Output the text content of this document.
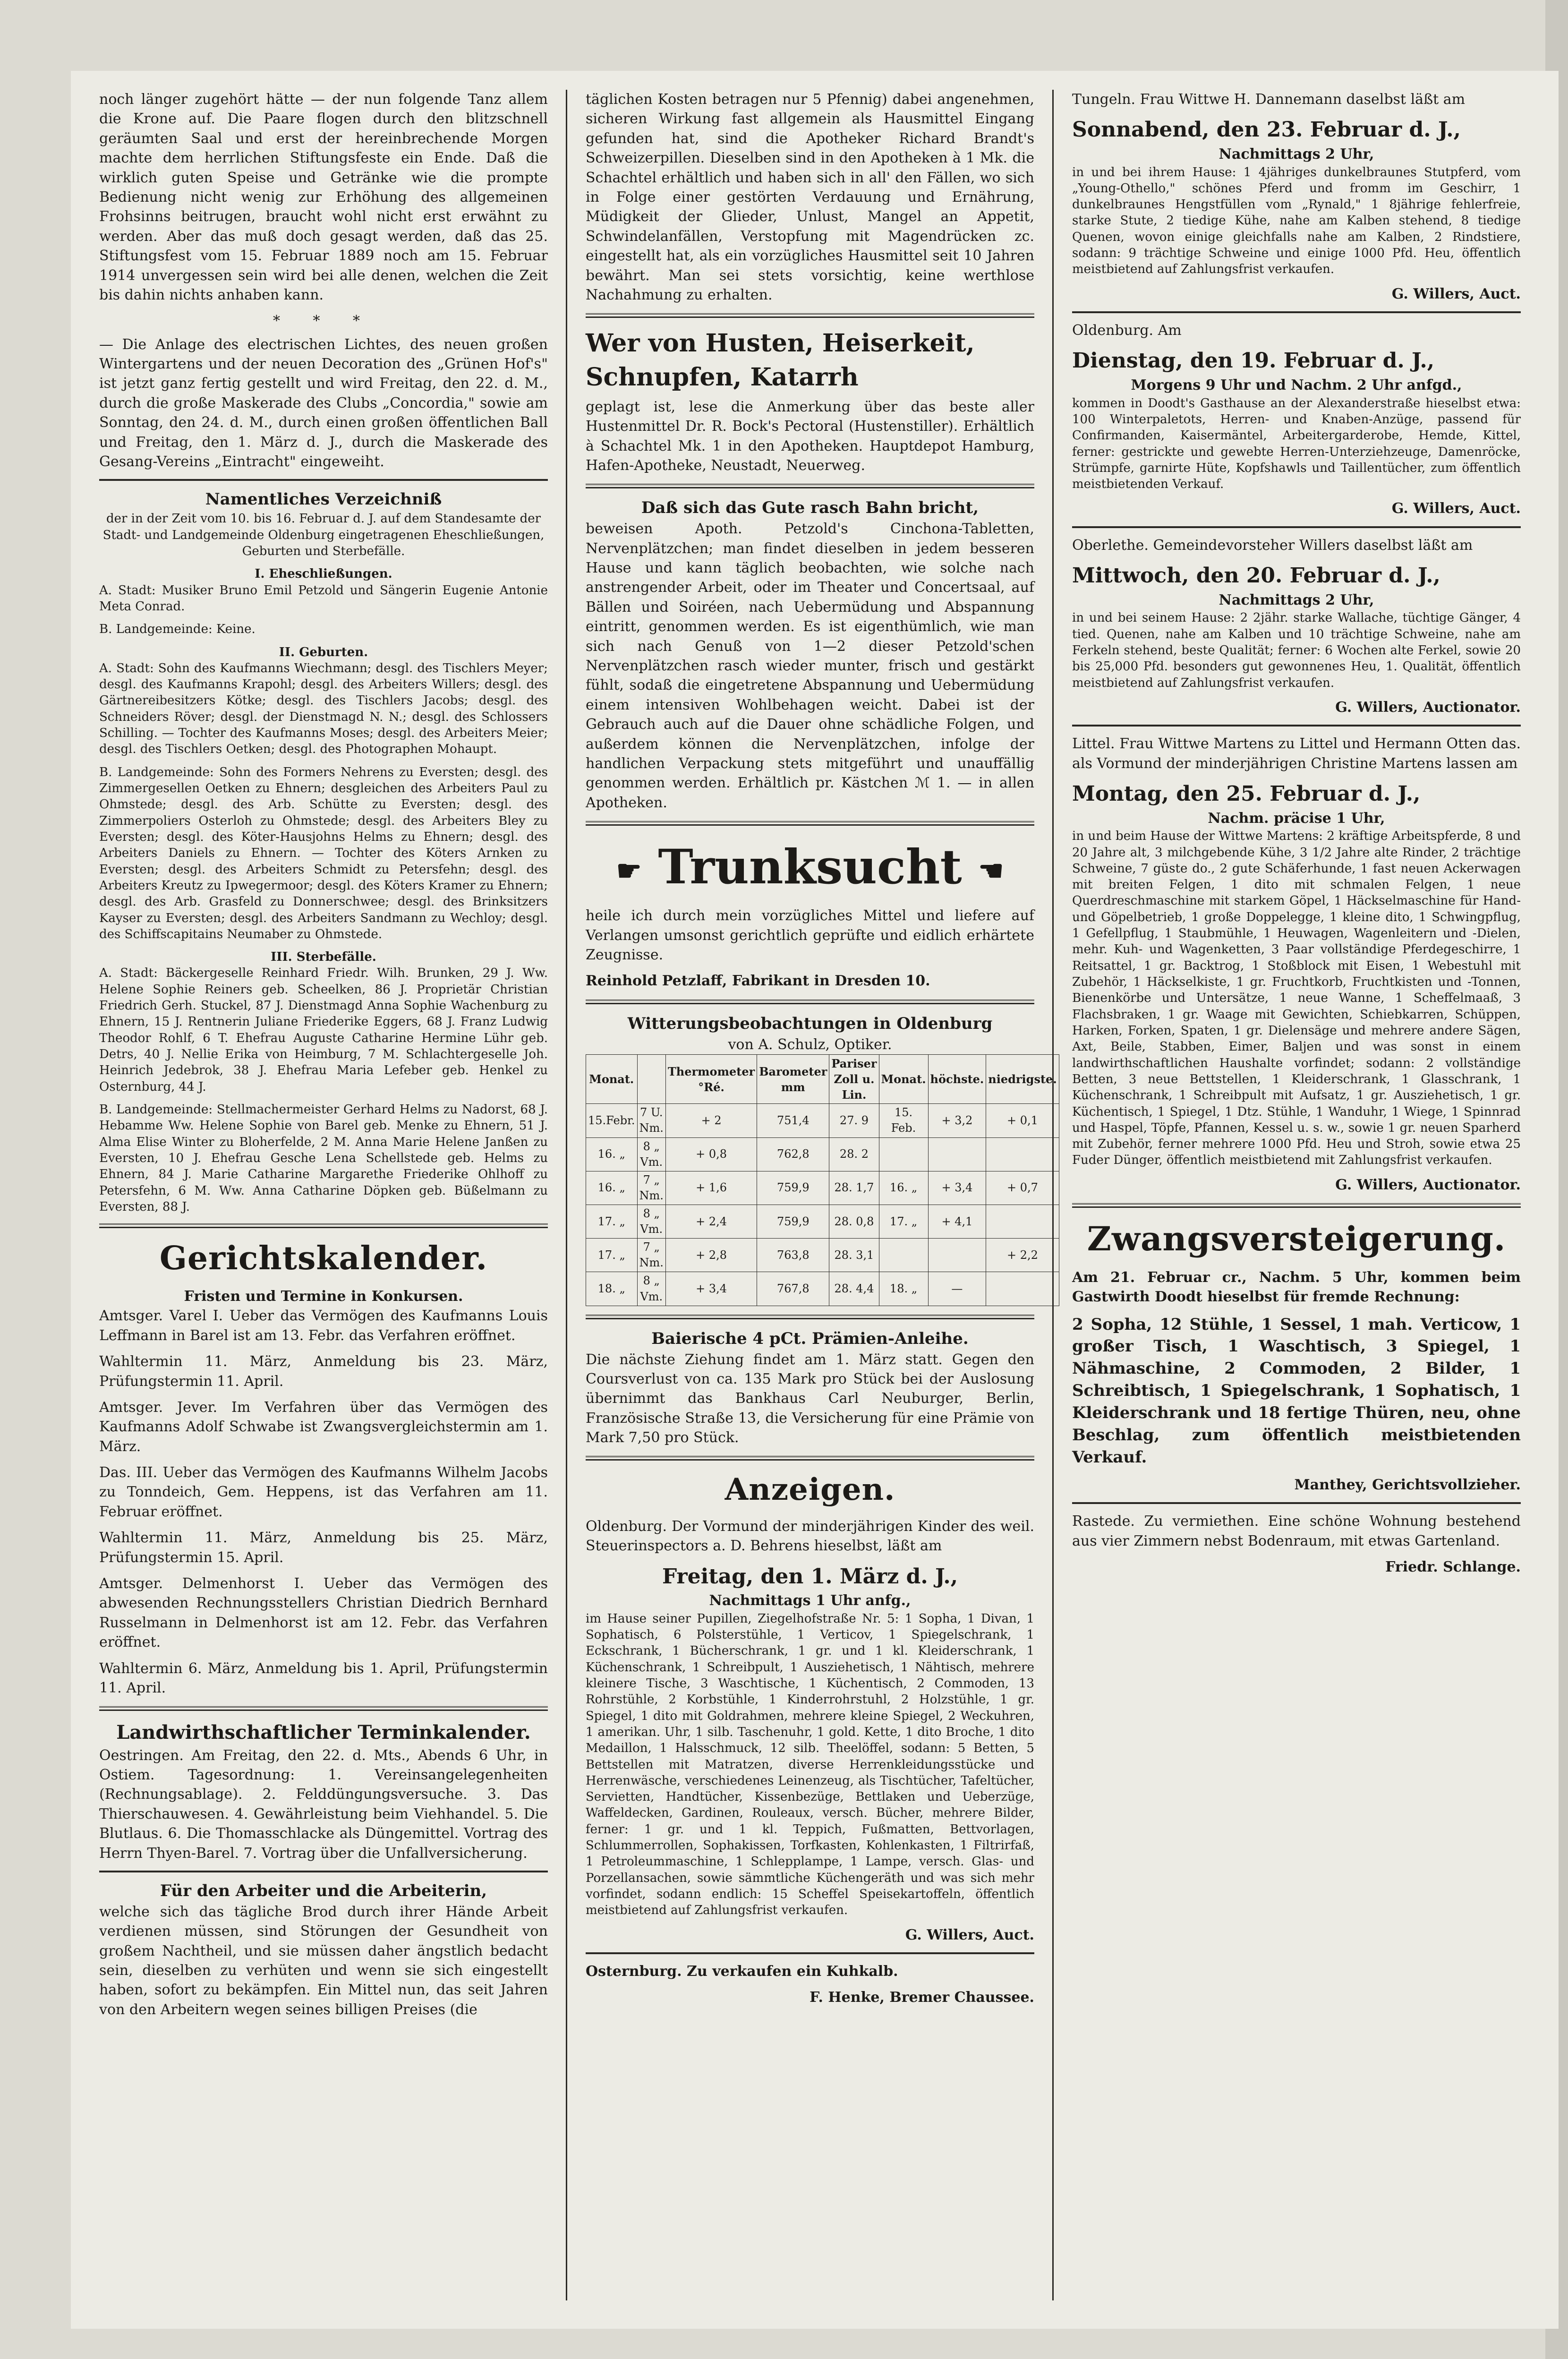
noch länger zugehört hätte — der nun folgende Tanz allem die Krone auf. Die Paare flogen durch den blitzschnell geräumten Saal und erst der hereinbrechende Morgen machte dem herrlichen Stiftungsfeste ein Ende. Daß die wirklich guten Speise und Getränke wie die prompte Bedienung nicht wenig zur Erhöhung des allgemeinen Frohsinns beitrugen, braucht wohl nicht erst erwähnt zu werden. Aber das muß doch gesagt werden, daß das 25. Stiftungsfest vom 15. Februar 1889 noch am 15. Februar 1914 unvergessen sein wird bei alle denen, welchen die Zeit bis dahin nichts anhaben kann.

* * *

— Die Anlage des electrischen Lichtes, des neuen großen Wintergartens und der neuen Decoration des „Grünen Hof's" ist jetzt ganz fertig gestellt und wird Freitag, den 22. d. M., durch die große Maskerade des Clubs „Concordia," sowie am Sonntag, den 24. d. M., durch einen großen öffentlichen Ball und Freitag, den 1. März d. J., durch die Maskerade des Gesang-Vereins „Eintracht" eingeweiht.

Namentliches Verzeichniß

der in der Zeit vom 10. bis 16. Februar d. J. auf dem Standesamte der Stadt- und Landgemeinde Oldenburg eingetragenen Eheschließungen, Geburten und Sterbefälle.

I. Eheschließungen.

A. Stadt: Musiker Bruno Emil Petzold und Sängerin Eugenie Antonie Meta Conrad.

B. Landgemeinde: Keine.

II. Geburten.

A. Stadt: Sohn des Kaufmanns Wiechmann; desgl. des Tischlers Meyer; desgl. des Kaufmanns Krapohl; desgl. des Arbeiters Willers; desgl. des Gärtnereibesitzers Kötke; desgl. des Tischlers Jacobs; desgl. des Schneiders Röver; desgl. der Dienstmagd N. N.; desgl. des Schlossers Schilling. — Tochter des Kaufmanns Moses; desgl. des Arbeiters Meier; desgl. des Tischlers Oetken; desgl. des Photographen Mohaupt.

B. Landgemeinde: Sohn des Formers Nehrens zu Eversten; desgl. des Zimmergesellen Oetken zu Ehnern; desgleichen des Arbeiters Paul zu Ohmstede; desgl. des Arb. Schütte zu Eversten; desgl. des Zimmerpoliers Osterloh zu Ohmstede; desgl. des Arbeiters Bley zu Eversten; desgl. des Köter-Hausjohns Helms zu Ehnern; desgl. des Arbeiters Daniels zu Ehnern. — Tochter des Köters Arnken zu Eversten; desgl. des Arbeiters Schmidt zu Petersfehn; desgl. des Arbeiters Kreutz zu Ipwegermoor; desgl. des Köters Kramer zu Ehnern; desgl. des Arb. Grasfeld zu Donnerschwee; desgl. des Brinksitzers Kayser zu Eversten; desgl. des Arbeiters Sandmann zu Wechloy; desgl. des Schiffscapitains Neumaber zu Ohmstede.

III. Sterbefälle.

A. Stadt: Bäckergeselle Reinhard Friedr. Wilh. Brunken, 29 J. Ww. Helene Sophie Reiners geb. Scheelken, 86 J. Proprietär Christian Friedrich Gerh. Stuckel, 87 J. Dienstmagd Anna Sophie Wachenburg zu Ehnern, 15 J. Rentnerin Juliane Friederike Eggers, 68 J. Franz Ludwig Theodor Rohlf, 6 T. Ehefrau Auguste Catharine Hermine Lühr geb. Detrs, 40 J. Nellie Erika von Heimburg, 7 M. Schlachtergeselle Joh. Heinrich Jedebrok, 38 J. Ehefrau Maria Lefeber geb. Henkel zu Osternburg, 44 J.

B. Landgemeinde: Stellmachermeister Gerhard Helms zu Nadorst, 68 J. Hebamme Ww. Helene Sophie von Barel geb. Menke zu Ehnern, 51 J. Alma Elise Winter zu Bloherfelde, 2 M. Anna Marie Helene Janßen zu Eversten, 10 J. Ehefrau Gesche Lena Schellstede geb. Helms zu Ehnern, 84 J. Marie Catharine Margarethe Friederike Ohlhoff zu Petersfehn, 6 M. Ww. Anna Catharine Döpken geb. Büßelmann zu Eversten, 88 J.

Gerichtskalender.
Fristen und Termine in Konkursen.

Amtsger. Varel I. Ueber das Vermögen des Kaufmanns Louis Leffmann in Barel ist am 13. Febr. das Verfahren eröffnet.

Wahltermin 11. März, Anmeldung bis 23. März, Prüfungstermin 11. April.

Amtsger. Jever. Im Verfahren über das Vermögen des Kaufmanns Adolf Schwabe ist Zwangsvergleichstermin am 1. März.

Das. III. Ueber das Vermögen des Kaufmanns Wilhelm Jacobs zu Tonndeich, Gem. Heppens, ist das Verfahren am 11. Februar eröffnet.

Wahltermin 11. März, Anmeldung bis 25. März, Prüfungstermin 15. April.

Amtsger. Delmenhorst I. Ueber das Vermögen des abwesenden Rechnungsstellers Christian Diedrich Bernhard Russelmann in Delmenhorst ist am 12. Febr. das Verfahren eröffnet.

Wahltermin 6. März, Anmeldung bis 1. April, Prüfungstermin 11. April.

Landwirthschaftlicher Terminkalender.

Oestringen. Am Freitag, den 22. d. Mts., Abends 6 Uhr, in Ostiem. Tagesordnung: 1. Vereinsangelegenheiten (Rechnungsablage). 2. Felddüngungsversuche. 3. Das Thierschauwesen. 4. Gewährleistung beim Viehhandel. 5. Die Blutlaus. 6. Die Thomasschlacke als Düngemittel. Vortrag des Herrn Thyen-Barel. 7. Vortrag über die Unfallversicherung.

Für den Arbeiter und die Arbeiterin,

welche sich das tägliche Brod durch ihrer Hände Arbeit verdienen müssen, sind Störungen der Gesundheit von großem Nachtheil, und sie müssen daher ängstlich bedacht sein, dieselben zu verhüten und wenn sie sich eingestellt haben, sofort zu bekämpfen. Ein Mittel nun, das seit Jahren von den Arbeitern wegen seines billigen Preises (die

täglichen Kosten betragen nur 5 Pfennig) dabei angenehmen, sicheren Wirkung fast allgemein als Hausmittel Eingang gefunden hat, sind die Apotheker Richard Brandt's Schweizerpillen. Dieselben sind in den Apotheken à 1 Mk. die Schachtel erhältlich und haben sich in all' den Fällen, wo sich in Folge einer gestörten Verdauung und Ernährung, Müdigkeit der Glieder, Unlust, Mangel an Appetit, Schwindelanfällen, Verstopfung mit Magendrücken zc. eingestellt hat, als ein vorzügliches Hausmittel seit 10 Jahren bewährt. Man sei stets vorsichtig, keine werthlose Nachahmung zu erhalten.

Wer von Husten, Heiserkeit, Schnupfen, Katarrh

geplagt ist, lese die Anmerkung über das beste aller Hustenmittel Dr. R. Bock's Pectoral (Hustenstiller). Erhältlich à Schachtel Mk. 1 in den Apotheken. Hauptdepot Hamburg, Hafen-Apotheke, Neustadt, Neuerweg.

Daß sich das Gute rasch Bahn bricht,

beweisen Apoth. Petzold's Cinchona-Tabletten, Nervenplätzchen; man findet dieselben in jedem besseren Hause und kann täglich beobachten, wie solche nach anstrengender Arbeit, oder im Theater und Concertsaal, auf Bällen und Soiréen, nach Uebermüdung und Abspannung eintritt, genommen werden. Es ist eigenthümlich, wie man sich nach Genuß von 1—2 dieser Petzold'schen Nervenplätzchen rasch wieder munter, frisch und gestärkt fühlt, sodaß die eingetretene Abspannung und Uebermüdung einem intensiven Wohlbehagen weicht. Dabei ist der Gebrauch auch auf die Dauer ohne schädliche Folgen, und außerdem können die Nervenplätzchen, infolge der handlichen Verpackung stets mitgeführt und unauffällig genommen werden. Erhältlich pr. Kästchen ℳ 1. — in allen Apotheken.

☛ Trunksucht ☚

heile ich durch mein vorzügliches Mittel und liefere auf Verlangen umsonst gerichtlich geprüfte und eidlich erhärtete Zeugnisse.

Reinhold Petzlaff, Fabrikant in Dresden 10.

Witterungsbeobachtungen in Oldenburg
von A. Schulz, Optiker.
Monat.		Thermometer °Ré.	Barometer mm	Pariser Zoll u. Lin.	Monat.	höchste.	niedrigste.
15.Febr.	7 U. Nm.	+ 2	751,4	27. 9	15. Feb.	+ 3,2	+ 0,1
16. „	8 „ Vm.	+ 0,8	762,8	28. 2			
16. „	7 „ Nm.	+ 1,6	759,9	28. 1,7	16. „	+ 3,4	+ 0,7
17. „	8 „ Vm.	+ 2,4	759,9	28. 0,8	17. „	+ 4,1	
17. „	7 „ Nm.	+ 2,8	763,8	28. 3,1			+ 2,2
18. „	8 „ Vm.	+ 3,4	767,8	28. 4,4	18. „	—	
Baierische 4 pCt. Prämien-Anleihe.

Die nächste Ziehung findet am 1. März statt. Gegen den Coursverlust von ca. 135 Mark pro Stück bei der Auslosung übernimmt das Bankhaus Carl Neuburger, Berlin, Französische Straße 13, die Versicherung für eine Prämie von Mark 7,50 pro Stück.

Anzeigen.

Oldenburg. Der Vormund der minderjährigen Kinder des weil. Steuerinspectors a. D. Behrens hieselbst, läßt am

Freitag, den 1. März d. J.,
Nachmittags 1 Uhr anfg.,

im Hause seiner Pupillen, Ziegelhofstraße Nr. 5: 1 Sopha, 1 Divan, 1 Sophatisch, 6 Polsterstühle, 1 Verticov, 1 Spiegelschrank, 1 Eckschrank, 1 Bücherschrank, 1 gr. und 1 kl. Kleiderschrank, 1 Küchenschrank, 1 Schreibpult, 1 Ausziehetisch, 1 Nähtisch, mehrere kleinere Tische, 3 Waschtische, 1 Küchentisch, 2 Commoden, 13 Rohrstühle, 2 Korbstühle, 1 Kinderrohrstuhl, 2 Holzstühle, 1 gr. Spiegel, 1 dito mit Goldrahmen, mehrere kleine Spiegel, 2 Weckuhren, 1 amerikan. Uhr, 1 silb. Taschenuhr, 1 gold. Kette, 1 dito Broche, 1 dito Medaillon, 1 Halsschmuck, 12 silb. Theelöffel, sodann: 5 Betten, 5 Bettstellen mit Matratzen, diverse Herrenkleidungsstücke und Herrenwäsche, verschiedenes Leinenzeug, als Tischtücher, Tafeltücher, Servietten, Handtücher, Kissenbezüge, Bettlaken und Ueberzüge, Waffeldecken, Gardinen, Rouleaux, versch. Bücher, mehrere Bilder, ferner: 1 gr. und 1 kl. Teppich, Fußmatten, Bettvorlagen, Schlummerrollen, Sophakissen, Torfkasten, Kohlenkasten, 1 Filtrirfaß, 1 Petroleummaschine, 1 Schlepplampe, 1 Lampe, versch. Glas- und Porzellansachen, sowie sämmtliche Küchengeräth und was sich mehr vorfindet, sodann endlich: 15 Scheffel Speisekartoffeln, öffentlich meistbietend auf Zahlungsfrist verkaufen.

G. Willers, Auct.

Osternburg. Zu verkaufen ein Kuhkalb.

F. Henke, Bremer Chaussee.

Tungeln. Frau Wittwe H. Dannemann daselbst läßt am

Sonnabend, den 23. Februar d. J.,
Nachmittags 2 Uhr,

in und bei ihrem Hause: 1 4jähriges dunkelbraunes Stutpferd, vom „Young-Othello," schönes Pferd und fromm im Geschirr, 1 dunkelbraunes Hengstfüllen vom „Rynald," 1 8jährige fehlerfreie, starke Stute, 2 tiedige Kühe, nahe am Kalben stehend, 8 tiedige Quenen, wovon einige gleichfalls nahe am Kalben, 2 Rindstiere, sodann: 9 trächtige Schweine und einige 1000 Pfd. Heu, öffentlich meistbietend auf Zahlungsfrist verkaufen.

G. Willers, Auct.

Oldenburg. Am

Dienstag, den 19. Februar d. J.,
Morgens 9 Uhr und Nachm. 2 Uhr anfgd.,

kommen in Doodt's Gasthause an der Alexanderstraße hieselbst etwa: 100 Winterpaletots, Herren- und Knaben-Anzüge, passend für Confirmanden, Kaisermäntel, Arbeitergarderobe, Hemde, Kittel, ferner: gestrickte und gewebte Herren-Unterziehzeuge, Damenröcke, Strümpfe, garnirte Hüte, Kopfshawls und Taillentücher, zum öffentlich meistbietenden Verkauf.

G. Willers, Auct.

Oberlethe. Gemeindevorsteher Willers daselbst läßt am

Mittwoch, den 20. Februar d. J.,
Nachmittags 2 Uhr,

in und bei seinem Hause: 2 2jähr. starke Wallache, tüchtige Gänger, 4 tied. Quenen, nahe am Kalben und 10 trächtige Schweine, nahe am Ferkeln stehend, beste Qualität; ferner: 6 Wochen alte Ferkel, sowie 20 bis 25,000 Pfd. besonders gut gewonnenes Heu, 1. Qualität, öffentlich meistbietend auf Zahlungsfrist verkaufen.

G. Willers, Auctionator.

Littel. Frau Wittwe Martens zu Littel und Hermann Otten das. als Vormund der minderjährigen Christine Martens lassen am

Montag, den 25. Februar d. J.,
Nachm. präcise 1 Uhr,

in und beim Hause der Wittwe Martens: 2 kräftige Arbeitspferde, 8 und 20 Jahre alt, 3 milchgebende Kühe, 3 1/2 Jahre alte Rinder, 2 trächtige Schweine, 7 güste do., 2 gute Schäferhunde, 1 fast neuen Ackerwagen mit breiten Felgen, 1 dito mit schmalen Felgen, 1 neue Querdreschmaschine mit starkem Göpel, 1 Häckselmaschine für Hand- und Göpelbetrieb, 1 große Doppelegge, 1 kleine dito, 1 Schwingpflug, 1 Gefellpflug, 1 Staubmühle, 1 Heuwagen, Wagenleitern und -Dielen, mehr. Kuh- und Wagenketten, 3 Paar vollständige Pferdegeschirre, 1 Reitsattel, 1 gr. Backtrog, 1 Stoßblock mit Eisen, 1 Webestuhl mit Zubehör, 1 Häckselkiste, 1 gr. Fruchtkorb, Fruchtkisten und -Tonnen, Bienenkörbe und Untersätze, 1 neue Wanne, 1 Scheffelmaaß, 3 Flachsbraken, 1 gr. Waage mit Gewichten, Schiebkarren, Schüppen, Harken, Forken, Spaten, 1 gr. Dielensäge und mehrere andere Sägen, Axt, Beile, Stabben, Eimer, Baljen und was sonst in einem landwirthschaftlichen Haushalte vorfindet; sodann: 2 vollständige Betten, 3 neue Bettstellen, 1 Kleiderschrank, 1 Glasschrank, 1 Küchenschrank, 1 Schreibpult mit Aufsatz, 1 gr. Ausziehetisch, 1 gr. Küchentisch, 1 Spiegel, 1 Dtz. Stühle, 1 Wanduhr, 1 Wiege, 1 Spinnrad und Haspel, Töpfe, Pfannen, Kessel u. s. w., sowie 1 gr. neuen Sparherd mit Zubehör, ferner mehrere 1000 Pfd. Heu und Stroh, sowie etwa 25 Fuder Dünger, öffentlich meistbietend mit Zahlungsfrist verkaufen.

G. Willers, Auctionator.

Zwangsversteigerung.

Am 21. Februar cr., Nachm. 5 Uhr, kommen beim Gastwirth Doodt hieselbst für fremde Rechnung:

2 Sopha, 12 Stühle, 1 Sessel, 1 mah. Verticow, 1 großer Tisch, 1 Waschtisch, 3 Spiegel, 1 Nähmaschine, 2 Commoden, 2 Bilder, 1 Schreibtisch, 1 Spiegelschrank, 1 Sophatisch, 1 Kleiderschrank und 18 fertige Thüren, neu, ohne Beschlag, zum öffentlich meistbietenden Verkauf.

Manthey, Gerichtsvollzieher.

Rastede. Zu vermiethen. Eine schöne Wohnung bestehend aus vier Zimmern nebst Bodenraum, mit etwas Gartenland.

Friedr. Schlange.
